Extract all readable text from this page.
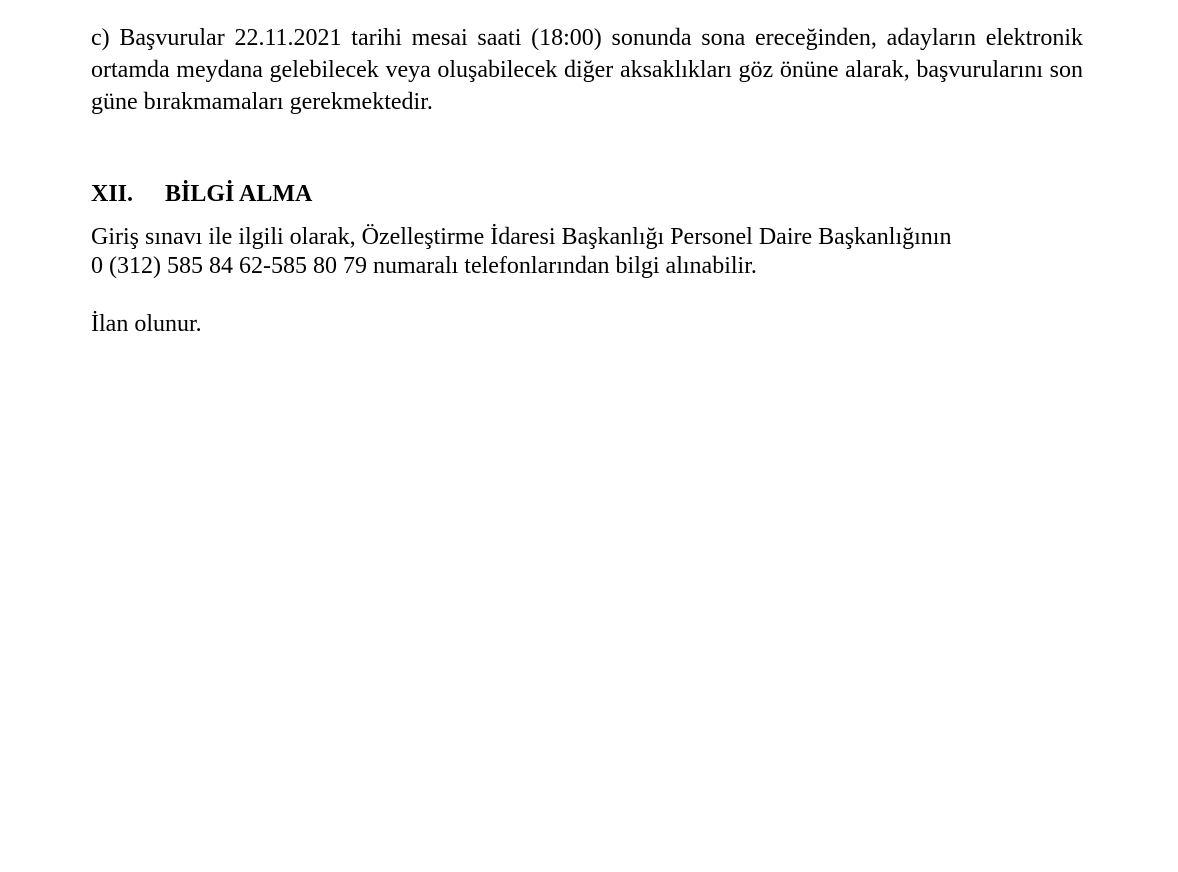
c) Başvurular 22.11.2021 tarihi mesai saati (18:00) sonunda sona ereceğinden, adayların elektronik ortamda meydana gelebilecek veya oluşabilecek diğer aksaklıkları göz önüne alarak, başvurularını son güne bırakmamaları gerekmektedir.

XII. BİLGİ ALMA
Giriş sınavı ile ilgili olarak, Özelleştirme İdaresi Başkanlığı Personel Daire Başkanlığının
0 (312) 585 84 62-585 80 79 numaralı telefonlarından bilgi alınabilir.
İlan olunur.
